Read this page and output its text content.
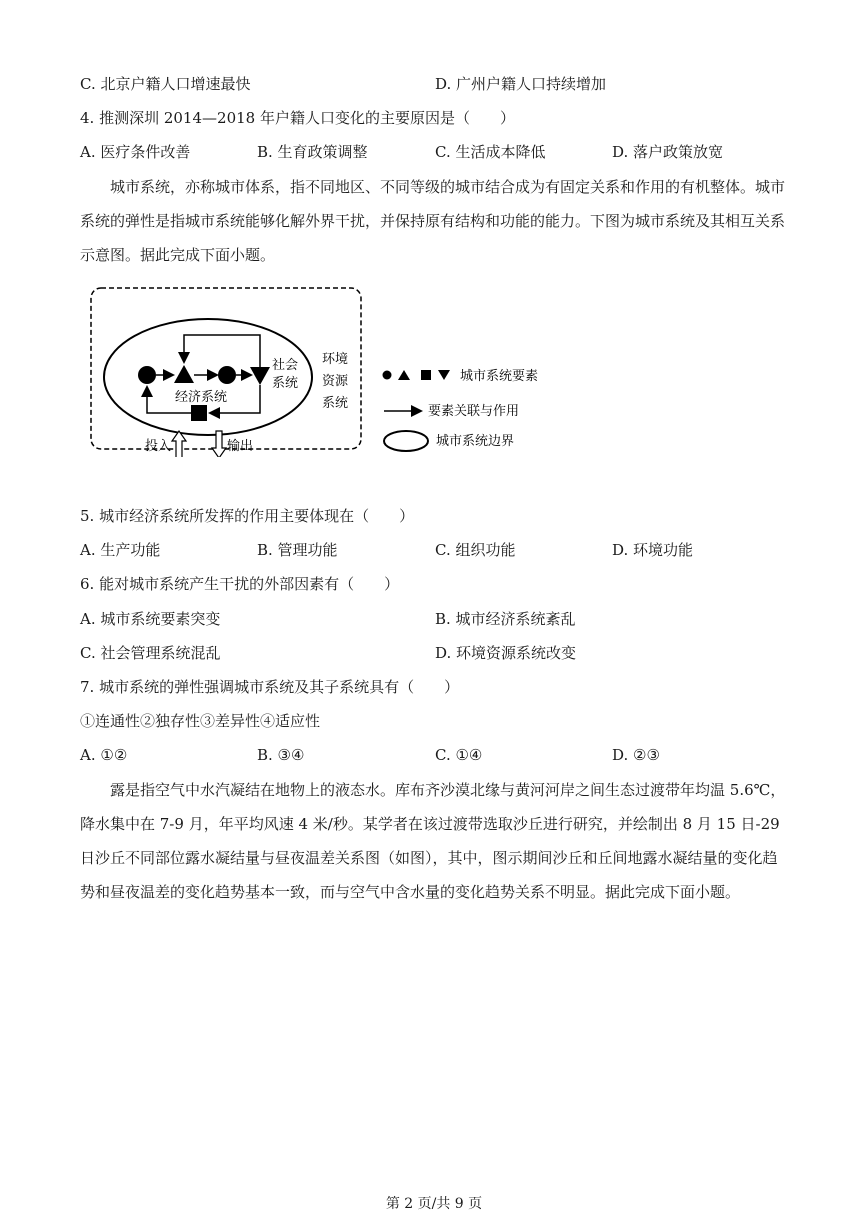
C. 北京户籍人口增速最快	D. 广州户籍人口持续增加
4. 推测深圳 2014—2018 年户籍人口变化的主要原因是（　　）
A. 医疗条件改善	B. 生育政策调整	C. 生活成本降低	D. 落户政策放宽
城市系统，亦称城市体系，指不同地区、不同等级的城市结合成为有固定关系和作用的有机整体。城市系统的弹性是指城市系统能够化解外界干扰，并保持原有结构和功能的能力。下图为城市系统及其相互关系示意图。据此完成下面小题。
社会
系统
经济系统
环境
资源
系统
投入	输出
城市系统要素
要素关联与作用
城市系统边界
5. 城市经济系统所发挥的作用主要体现在（　　）
A. 生产功能	B. 管理功能	C. 组织功能	D. 环境功能
6. 能对城市系统产生干扰的外部因素有（　　）
A. 城市系统要素突变	B. 城市经济系统紊乱
C. 社会管理系统混乱	D. 环境资源系统改变
7. 城市系统的弹性强调城市系统及其子系统具有（　　）
①连通性②独存性③差异性④适应性
A. ①②	B. ③④	C. ①④	D. ②③
露是指空气中水汽凝结在地物上的液态水。库布齐沙漠北缘与黄河河岸之间生态过渡带年均温 5.6℃，降水集中在 7-9 月，年平均风速 4 米/秒。某学者在该过渡带选取沙丘进行研究，并绘制出 8 月 15 日-29 日沙丘不同部位露水凝结量与昼夜温差关系图（如图），其中，图示期间沙丘和丘间地露水凝结量的变化趋势和昼夜温差的变化趋势基本一致，而与空气中含水量的变化趋势关系不明显。据此完成下面小题。
第 2 页/共 9 页
